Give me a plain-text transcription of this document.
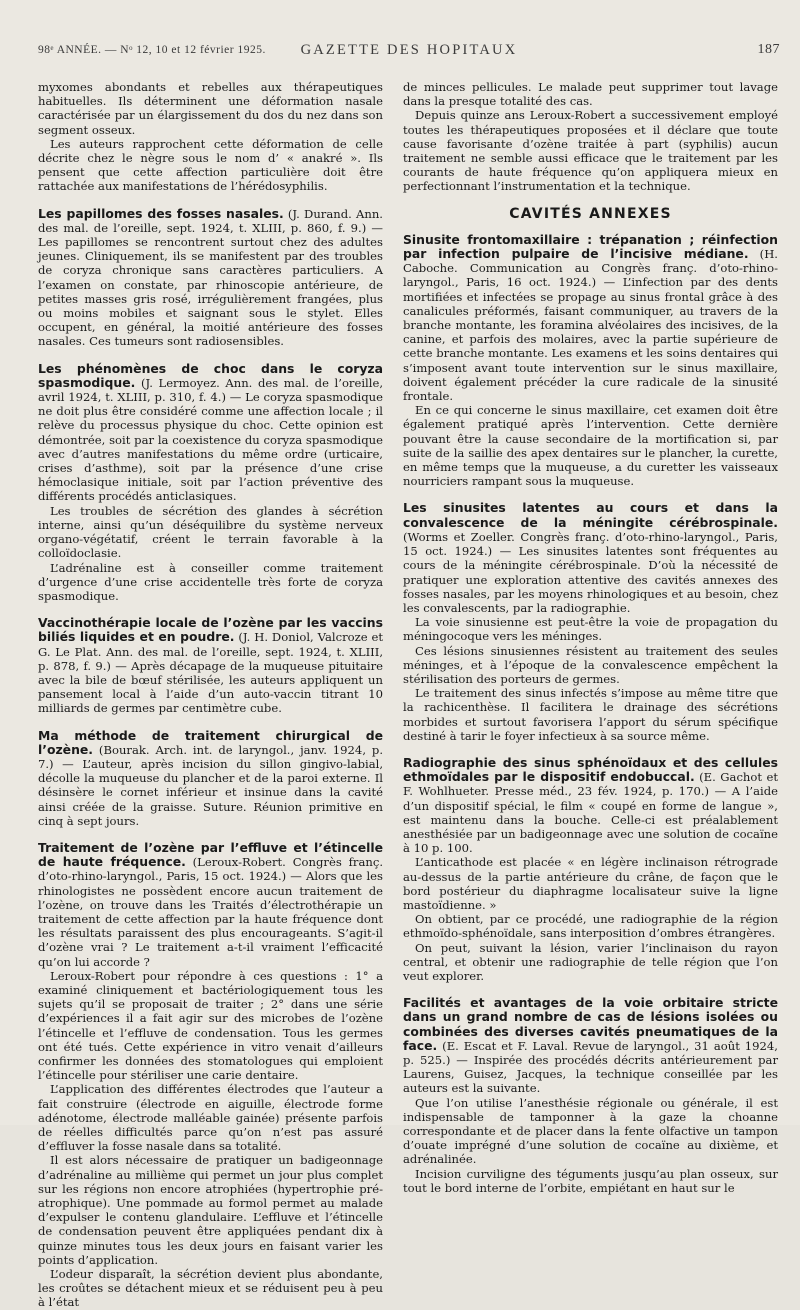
98ᵉ ANNÉE. — Nᵒ 12, 10 et 12 février 1925.	GAZETTE DES HOPITAUX	187

myxomes abondants et rebelles aux thérapeutiques habituelles. Ils déterminent une déformation nasale caractérisée par un élargissement du dos du nez dans son segment osseux.

Les auteurs rapprochent cette déformation de celle décrite chez le nègre sous le nom d’ « anakré ». Ils pensent que cette affection particulière doit être rattachée aux manifestations de l’hérédosyphilis.

Les papillomes des fosses nasales. (J. Durand. Ann. des mal. de l’oreille, sept. 1924, t. XLIII, p. 860, f. 9.) — Les papillomes se rencontrent surtout chez des adultes jeunes. Cliniquement, ils se manifestent par des troubles de coryza chronique sans caractères particuliers. A l’examen on constate, par rhinoscopie antérieure, de petites masses gris rosé, irrégulièrement frangées, plus ou moins mobiles et saignant sous le stylet. Elles occupent, en général, la moitié antérieure des fosses nasales. Ces tumeurs sont radiosensibles.

Les phénomènes de choc dans le coryza spasmodique. (J. Lermoyez. Ann. des mal. de l’oreille, avril 1924, t. XLIII, p. 310, f. 4.) — Le coryza spasmodique ne doit plus être considéré comme une affection locale ; il relève du processus physique du choc. Cette opinion est démontrée, soit par la coexistence du coryza spasmodique avec d’autres manifestations du même ordre (urticaire, crises d’asthme), soit par la présence d’une crise hémoclasique initiale, soit par l’action préventive des différents procédés anticlasiques.

Les troubles de sécrétion des glandes à sécrétion interne, ainsi qu’un déséquilibre du système nerveux organo-végétatif, créent le terrain favorable à la colloïdoclasie.

L’adrénaline est à conseiller comme traitement d’urgence d’une crise accidentelle très forte de coryza spasmodique.

Vaccinothérapie locale de l’ozène par les vaccins biliés liquides et en poudre. (J. H. Doniol, Valcroze et G. Le Plat. Ann. des mal. de l’oreille, sept. 1924, t. XLIII, p. 878, f. 9.) — Après décapage de la muqueuse pituitaire avec la bile de bœuf stérilisée, les auteurs appliquent un pansement local à l’aide d’un auto-vaccin titrant 10 milliards de germes par centimètre cube.

Ma méthode de traitement chirurgical de l’ozène. (Bourak. Arch. int. de laryngol., janv. 1924, p. 7.) — L’auteur, après incision du sillon gingivo-labial, décolle la muqueuse du plancher et de la paroi externe. Il désinsère le cornet inférieur et insinue dans la cavité ainsi créée de la graisse. Suture. Réunion primitive en cinq à sept jours.

Traitement de l’ozène par l’effluve et l’étincelle de haute fréquence. (Leroux-Robert. Congrès franç. d’oto-rhino-laryngol., Paris, 15 oct. 1924.) — Alors que les rhinologistes ne possèdent encore aucun traitement de l’ozène, on trouve dans les Traités d’électrothérapie un traitement de cette affection par la haute fréquence dont les résultats paraissent des plus encourageants. S’agit-il d’ozène vrai ? Le traitement a-t-il vraiment l’efficacité qu’on lui accorde ?

Leroux-Robert pour répondre à ces questions : 1° a examiné cliniquement et bactériologiquement tous les sujets qu’il se proposait de traiter ; 2° dans une série d’expériences il a fait agir sur des microbes de l’ozène l’étincelle et l’effluve de condensation. Tous les germes ont été tués. Cette expérience in vitro venait d’ailleurs confirmer les données des stomatologues qui emploient l’étincelle pour stériliser une carie dentaire.

L’application des différentes électrodes que l’auteur a fait construire (électrode en aiguille, électrode forme adénotome, électrode malléable gainée) présente parfois de réelles difficultés parce qu’on n’est pas assuré d’effluver la fosse nasale dans sa totalité.

Il est alors nécessaire de pratiquer un badigeonnage d’adrénaline au millième qui permet un jour plus complet sur les régions non encore atrophiées (hypertrophie pré-atrophique). Une pommade au formol permet au malade d’expulser le contenu glandulaire. L’effluve et l’étincelle de condensation peuvent être appliquées pendant dix à quinze minutes tous les deux jours en faisant varier les points d’application.

L’odeur disparaît, la sécrétion devient plus abondante, les croûtes se détachent mieux et se réduisent peu à peu à l’état

de minces pellicules. Le malade peut supprimer tout lavage dans la presque totalité des cas.

Depuis quinze ans Leroux-Robert a successivement employé toutes les thérapeutiques proposées et il déclare que toute cause favorisante d’ozène traitée à part (syphilis) aucun traitement ne semble aussi efficace que le traitement par les courants de haute fréquence qu’on appliquera mieux en perfectionnant l’instrumentation et la technique.

CAVITÉS ANNEXES

Sinusite frontomaxillaire : trépanation ; réinfection par infection pulpaire de l’incisive médiane. (H. Caboche. Communication au Congrès franç. d’oto-rhino-laryngol., Paris, 16 oct. 1924.) — L’infection par des dents mortifiées et infectées se propage au sinus frontal grâce à des canalicules préformés, faisant communiquer, au travers de la branche montante, les foramina alvéolaires des incisives, de la canine, et parfois des molaires, avec la partie supérieure de cette branche montante. Les examens et les soins dentaires qui s’imposent avant toute intervention sur le sinus maxillaire, doivent également précéder la cure radicale de la sinusité frontale.

En ce qui concerne le sinus maxillaire, cet examen doit être également pratiqué après l’intervention. Cette dernière pouvant être la cause secondaire de la mortification si, par suite de la saillie des apex dentaires sur le plancher, la curette, en même temps que la muqueuse, a du curetter les vaisseaux nourriciers rampant sous la muqueuse.

Les sinusites latentes au cours et dans la convalescence de la méningite cérébrospinale. (Worms et Zoeller. Congrès franç. d’oto-rhino-laryngol., Paris, 15 oct. 1924.) — Les sinusites latentes sont fréquentes au cours de la méningite cérébrospinale. D’où la nécessité de pratiquer une exploration attentive des cavités annexes des fosses nasales, par les moyens rhinologiques et au besoin, chez les convalescents, par la radiographie.

La voie sinusienne est peut-être la voie de propagation du méningocoque vers les méninges.

Ces lésions sinusiennes résistent au traitement des seules méninges, et à l’époque de la convalescence empêchent la stérilisation des porteurs de germes.

Le traitement des sinus infectés s’impose au même titre que la rachicenthèse. Il facilitera le drainage des sécrétions morbides et surtout favorisera l’apport du sérum spécifique destiné à tarir le foyer infectieux à sa source même.

Radiographie des sinus sphénoïdaux et des cellules ethmoïdales par le dispositif endobuccal. (E. Gachot et F. Wohlhueter. Presse méd., 23 fév. 1924, p. 170.) — A l’aide d’un dispositif spécial, le film « coupé en forme de langue », est maintenu dans la bouche. Celle-ci est préalablement anesthésiée par un badigeonnage avec une solution de cocaïne à 10 p. 100.

L’anticathode est placée « en légère inclinaison rétrograde au-dessus de la partie antérieure du crâne, de façon que le bord postérieur du diaphragme localisateur suive la ligne mastoïdienne. »

On obtient, par ce procédé, une radiographie de la région ethmoïdo-sphénoïdale, sans interposition d’ombres étrangères.

On peut, suivant la lésion, varier l’inclinaison du rayon central, et obtenir une radiographie de telle région que l’on veut explorer.

Facilités et avantages de la voie orbitaire stricte dans un grand nombre de cas de lésions isolées ou combinées des diverses cavités pneumatiques de la face. (E. Escat et F. Laval. Revue de laryngol., 31 août 1924, p. 525.) — Inspirée des procédés décrits antérieurement par Laurens, Guisez, Jacques, la technique conseillée par les auteurs est la suivante.

Que l’on utilise l’anesthésie régionale ou générale, il est indispensable de tamponner à la gaze la choanne correspondante et de placer dans la fente olfactive un tampon d’ouate imprégné d’une solution de cocaïne au dixième, et adrénalinée.

Incision curviligne des téguments jusqu’au plan osseux, sur tout le bord interne de l’orbite, empiétant en haut sur le
